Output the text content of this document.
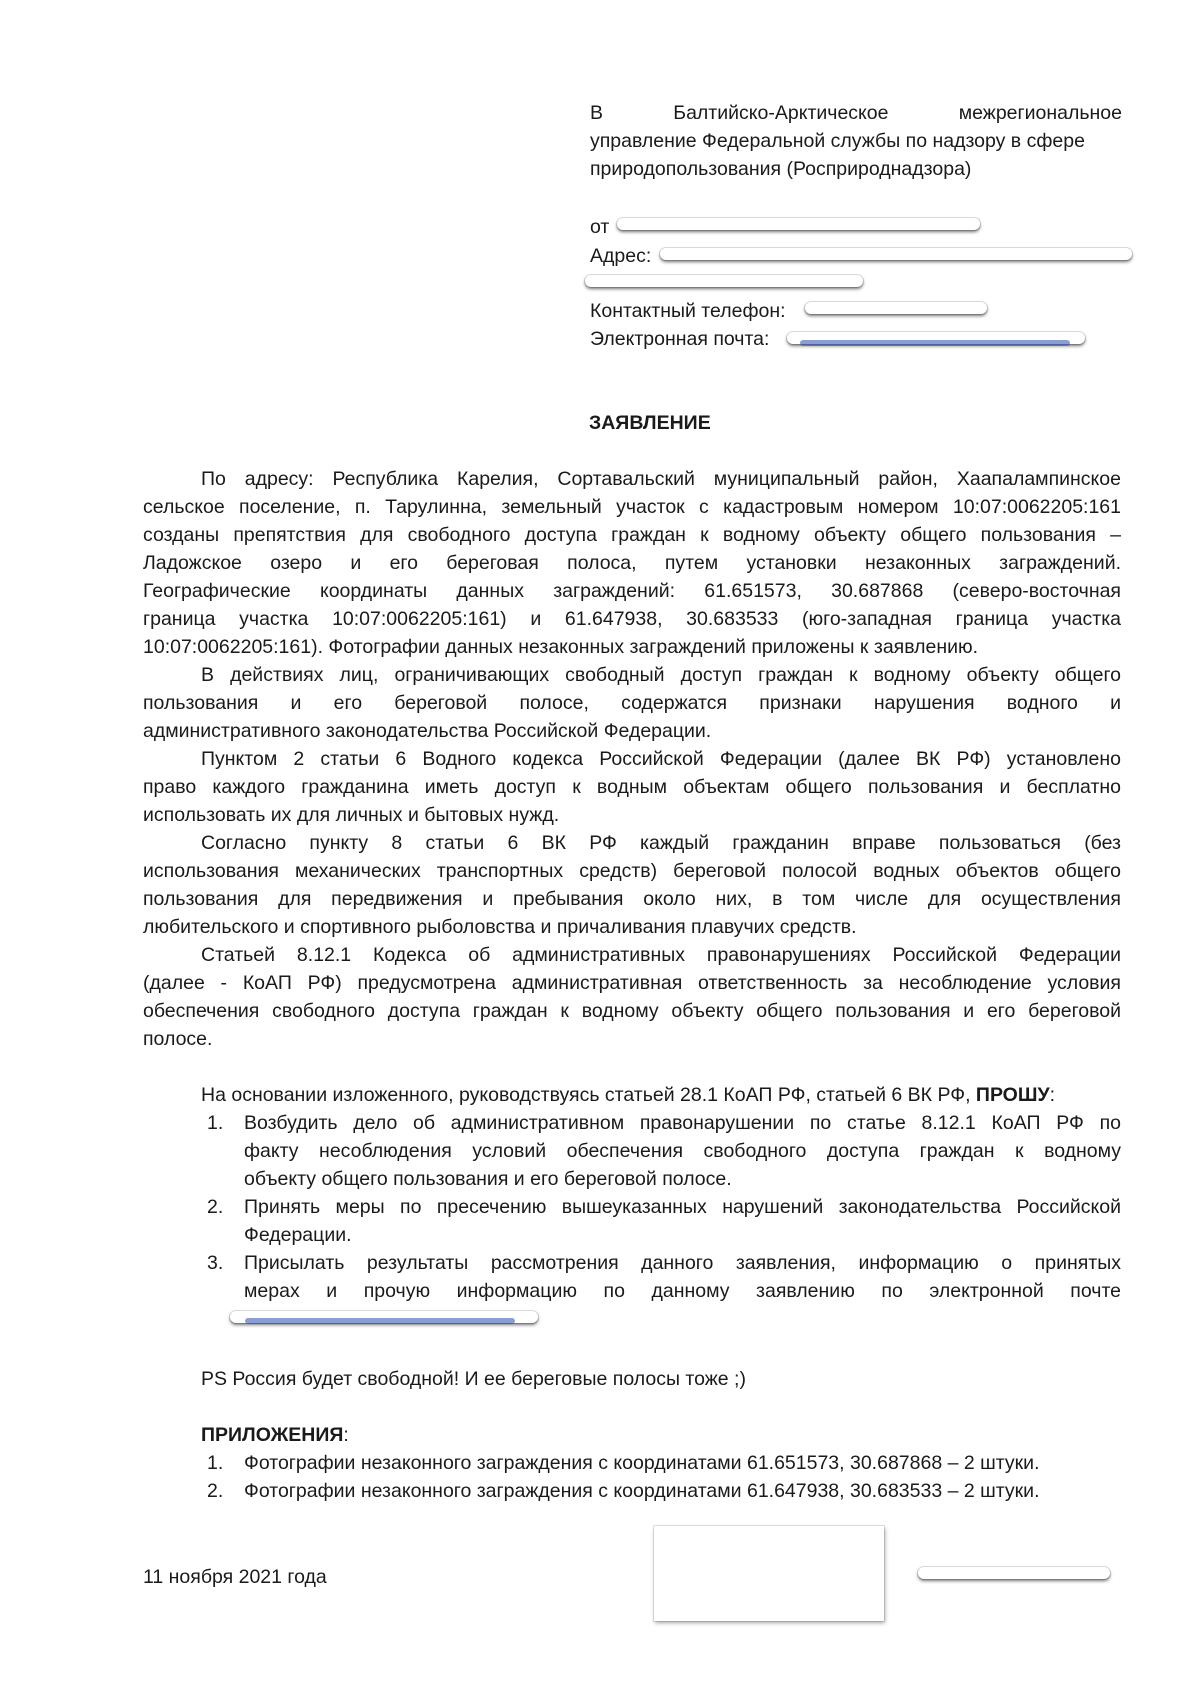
В	Балтийско-Арктическое	межрегиональное
управление Федеральной службы по надзору в сфере
природопользования (Росприроднадзора)
от
Адрес:
Контактный телефон:
Электронная почта:
ЗАЯВЛЕНИЕ
По адресу: Республика Карелия, Сортавальский муниципальный район, Хаапалампинское
сельское поселение, п. Тарулинна, земельный участок с кадастровым номером 10:07:0062205:161
созданы препятствия для свободного доступа граждан к водному объекту общего пользования –
Ладожское озеро и его береговая полоса, путем установки незаконных заграждений.
Географические координаты данных заграждений: 61.651573, 30.687868 (северо-восточная
граница участка 10:07:0062205:161) и 61.647938, 30.683533 (юго-западная граница участка
10:07:0062205:161). Фотографии данных незаконных заграждений приложены к заявлению.
В действиях лиц, ограничивающих свободный доступ граждан к водному объекту общего
пользования и его береговой полосе, содержатся признаки нарушения водного и
административного законодательства Российской Федерации.
Пунктом 2 статьи 6 Водного кодекса Российской Федерации (далее ВК РФ) установлено
право каждого гражданина иметь доступ к водным объектам общего пользования и бесплатно
использовать их для личных и бытовых нужд.
Согласно пункту 8 статьи 6 ВК РФ каждый гражданин вправе пользоваться (без
использования механических транспортных средств) береговой полосой водных объектов общего
пользования для передвижения и пребывания около них, в том числе для осуществления
любительского и спортивного рыболовства и причаливания плавучих средств.
Статьей 8.12.1 Кодекса об административных правонарушениях Российской Федерации
(далее - КоАП РФ) предусмотрена административная ответственность за несоблюдение условия
обеспечения свободного доступа граждан к водному объекту общего пользования и его береговой
полосе.
На основании изложенного, руководствуясь статьей 28.1 КоАП РФ, статьей 6 ВК РФ, ПРОШУ:
1. Возбудить дело об административном правонарушении по статье 8.12.1 КоАП РФ по
факту несоблюдения условий обеспечения свободного доступа граждан к водному
объекту общего пользования и его береговой полосе.
2. Принять меры по пресечению вышеуказанных нарушений законодательства Российской
Федерации.
3. Присылать результаты рассмотрения данного заявления, информацию о принятых
мерах и прочую информацию по данному заявлению по электронной почте
PS Россия будет свободной! И ее береговые полосы тоже ;)
ПРИЛОЖЕНИЯ:
1. Фотографии незаконного заграждения с координатами 61.651573, 30.687868 – 2 штуки.
2. Фотографии незаконного заграждения с координатами 61.647938, 30.683533 – 2 штуки.
11 ноября 2021 года
